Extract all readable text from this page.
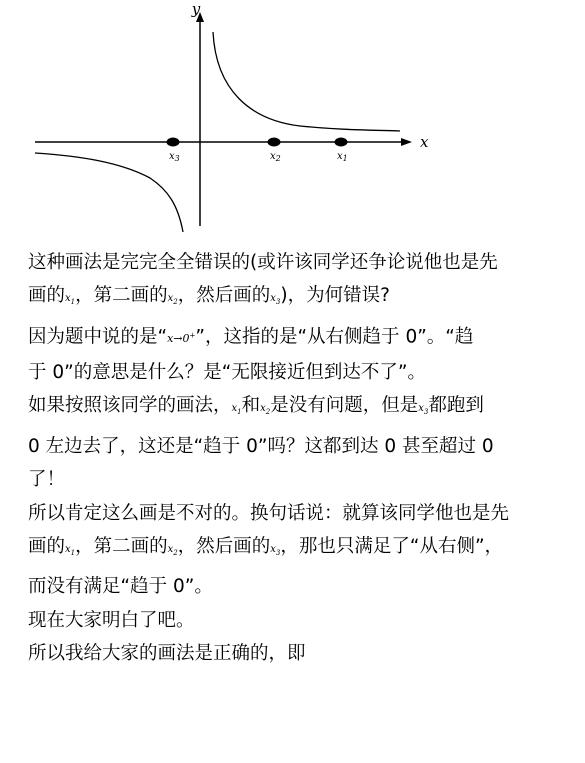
y
x
$x_3$	$x_2$	$x_1$

这种画法是完完全全错误的(或许该同学还争论说他也是先

画的$x_1$，第二画的$x_2$，然后画的$x_3$)，为何错误?

因为题中说的是“x→0+”，这指的是“从右侧趋于 0”。“趋

于 0”的意思是什么？是“无限接近但到达不了”。

如果按照该同学的画法，$x_1$和$x_2$是没有问题，但是$x_3$都跑到

0 左边去了，这还是“趋于 0”吗？这都到达 0 甚至超过 0

了！

所以肯定这么画是不对的。换句话说：就算该同学他也是先

画的$x_1$，第二画的$x_2$，然后画的$x_3$，那也只满足了“从右侧”，

而没有满足“趋于 0”。

现在大家明白了吧。

所以我给大家的画法是正确的，即
